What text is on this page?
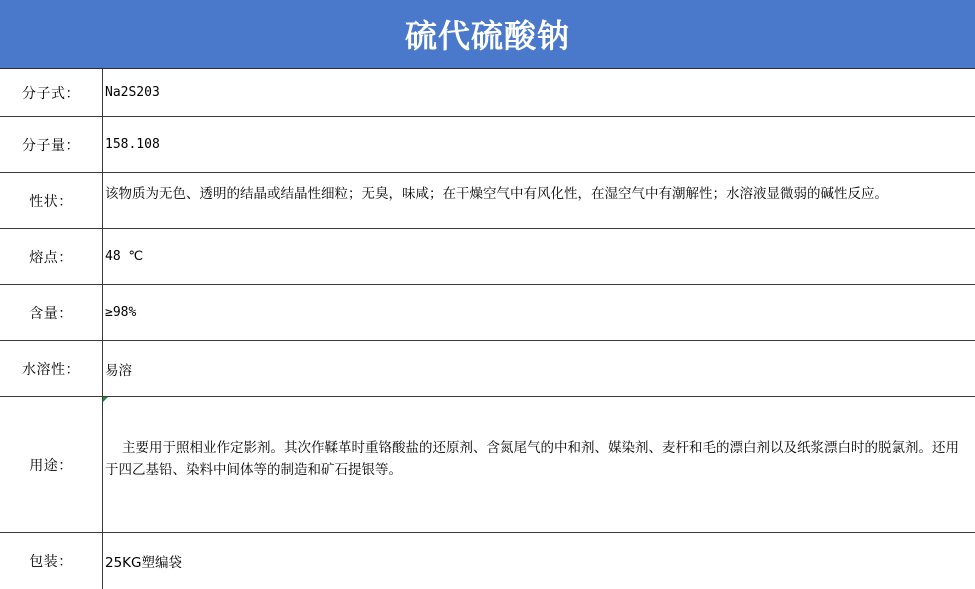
硫代硫酸钠
分子式：	Na2S203
分子量：	158.108
性状：	该物质为无色、透明的结晶或结晶性细粒；无臭，味咸；在干燥空气中有风化性，在湿空气中有潮解性；水溶液显微弱的碱性反应。
熔点：	48 ℃
含量：	≥98%
水溶性：	易溶
用途：
主要用于照相业作定影剂。其次作鞣革时重铬酸盐的还原剂、含氮尾气的中和剂、媒染剂、麦杆和毛的漂白剂以及纸浆漂白时的脱氯剂。还用于四乙基铅、染料中间体等的制造和矿石提银等。
包装：	25KG塑编袋
